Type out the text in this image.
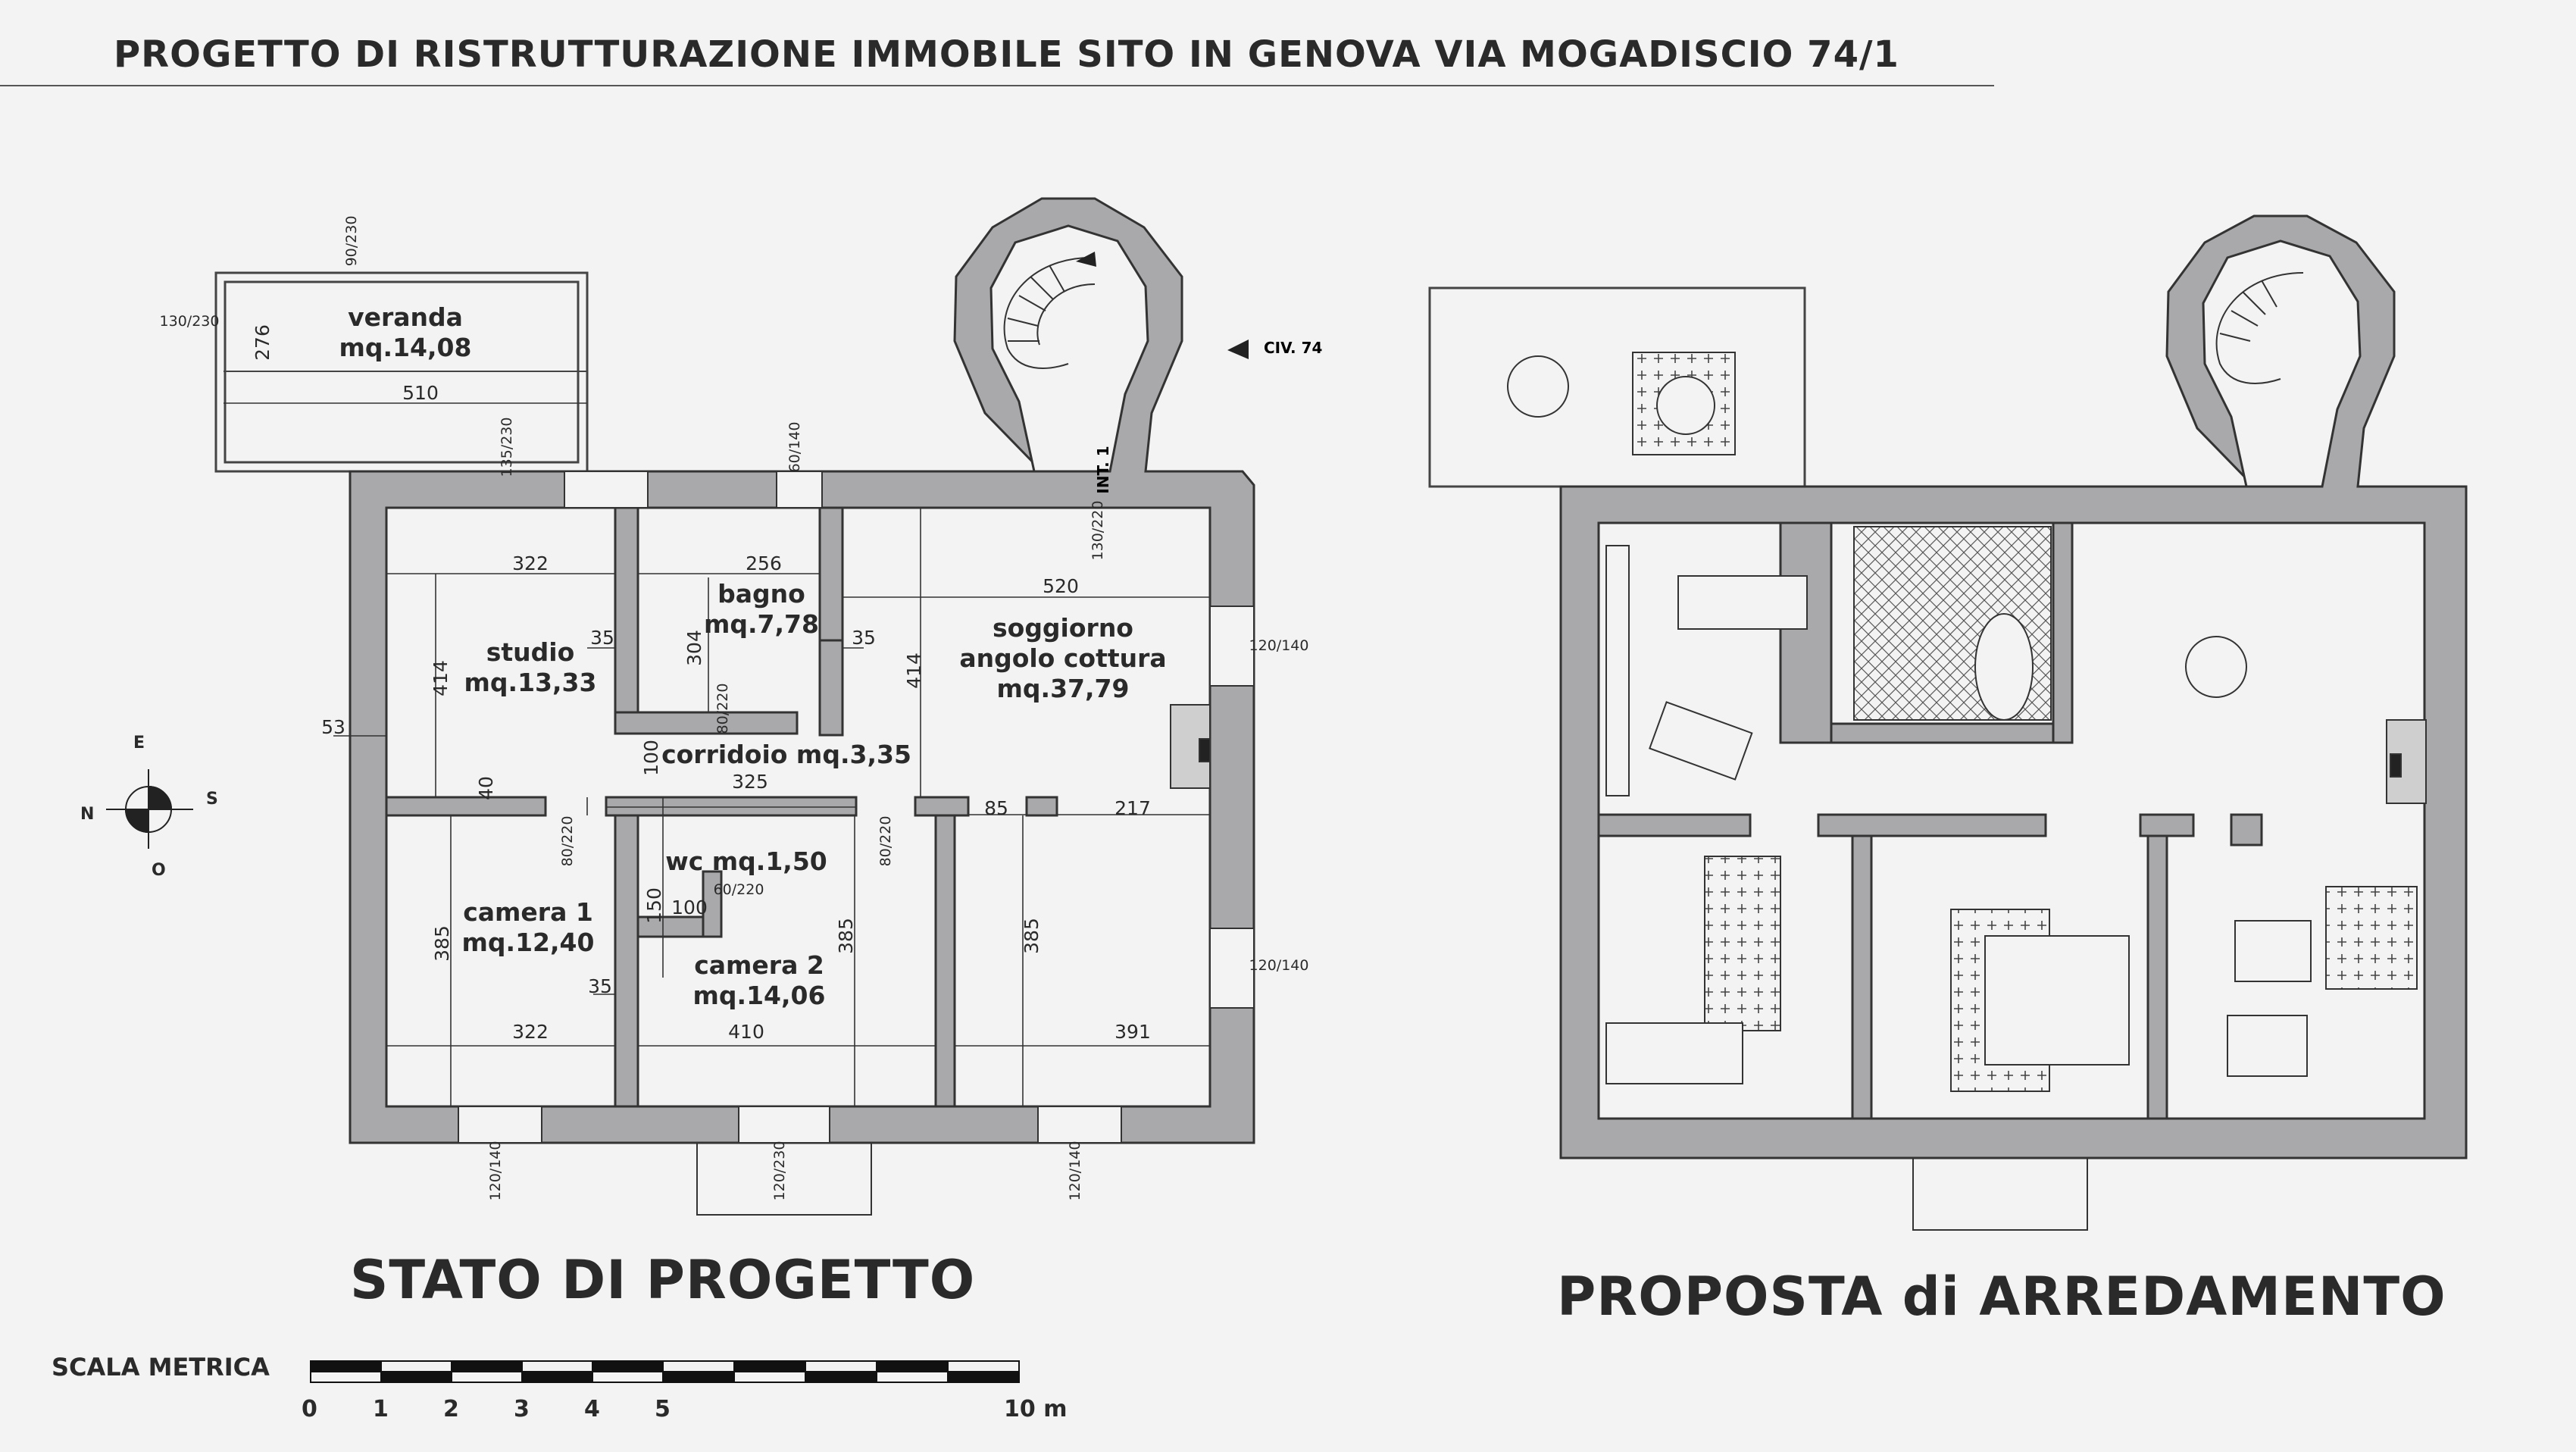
PROGETTO DI RISTRUTTURAZIONE IMMOBILE SITO IN GENOVA VIA MOGADISCIO 74/1
veranda
mq.14,08
bagno
mq.7,78
studio
mq.13,33
soggiorno
angolo cottura
mq.37,79
corridoio mq.3,35
wc mq.1,50
camera 1
mq.12,40
camera 2
mq.14,06
276
510
322	256
520
414
304
414
35	35
53
40	325
100
85	217
150 100
385	385	385
35
322	410	391
90/230
130/230
135/230	60/140
130/220
120/140
80/220
80/220	80/220
60/220
120/140
120/140	120/230	120/140
CIV. 74
INT. 1
STATO DI PROGETTO	PROPOSTA di ARREDAMENTO
SCALA METRICA
0 1 2 3 4 5	10 m
E
N
S
O
